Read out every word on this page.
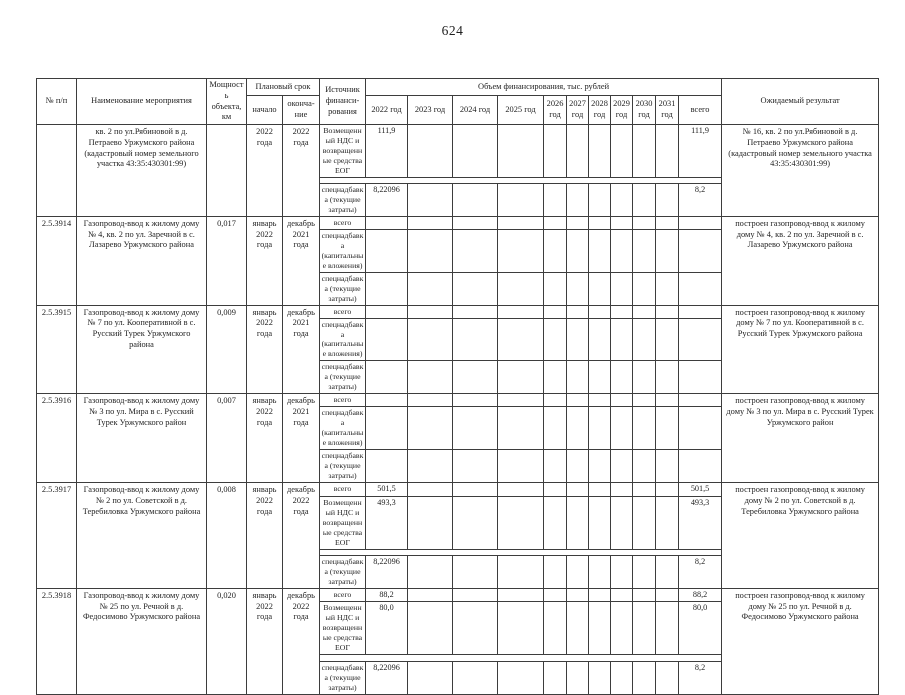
624
№ п/п	Наименование мероприятия	Мощность объекта, км	Плановый срок		Источник финанси-рования	Объем финансирования, тыс. рублей											Ожидаемый результат
			начало	оконча-ние		2022 год	2023 год	2024 год	2025 год	2026 год	2027 год	2028 год	2029 год	2030 год	2031 год	всего	
	кв. 2 по ул.Рябиновой в д. Петраево Уржумского района (кадастровый номер земельного участка 43:35:430301:99)		2022 года	2022 года	Возмещенный НДС и возвращенные средства ЕОГ	111,9										111,9	№ 16, кв. 2 по ул.Рябиновой в д. Петраево Уржумского района (кадастровый номер земельного участка 43:35:430301:99)

					спецнадбавка (текущие затраты)	8,22096										8,2	
2.5.3914	Газопровод-ввод к жилому дому № 4, кв. 2 по ул. Заречной в с. Лазарево Уржумского района	0,017	январь 2022 года	декабрь 2021 года	всего												построен газопровод-ввод к жилому дому № 4, кв. 2 по ул. Заречной в с. Лазарево Уржумского района
					спецнадбавка (капитальные вложения)												
					спецнадбавка (текущие затраты)												
2.5.3915	Газопровод-ввод к жилому дому № 7 по ул. Кооперативной в с. Русский Турек Уржумского района	0,009	январь 2022 года	декабрь 2021 года	всего												построен газопровод-ввод к жилому дому № 7 по ул. Кооперативной в с. Русский Турек Уржумского района
					спецнадбавка (капитальные вложения)												
					спецнадбавка (текущие затраты)												
2.5.3916	Газопровод-ввод к жилому дому № 3 по ул. Мира в с. Русский Турек Уржумского район	0,007	январь 2022 года	декабрь 2021 года	всего												построен газопровод-ввод к жилому дому № 3 по ул. Мира в с. Русский Турек Уржумского район
					спецнадбавка (капитальные вложения)												
					спецнадбавка (текущие затраты)												
2.5.3917	Газопровод-ввод к жилому дому № 2 по ул. Советской в д. Теребиловка Уржумского района	0,008	январь 2022 года	декабрь 2022 года	всего	501,5										501,5	построен газопровод-ввод к жилому дому № 2 по ул. Советской в д. Теребиловка Уржумского района
					Возмещенный НДС и возвращенные средства ЕОГ	493,3										493,3	

					спецнадбавка (текущие затраты)	8,22096										8,2	
2.5.3918	Газопровод-ввод к жилому дому № 25 по ул. Речной в д. Федосимово Уржумского района	0,020	январь 2022 года	декабрь 2022 года	всего	88,2										88,2	построен газопровод-ввод к жилому дому № 25 по ул. Речной в д. Федосимово Уржумского района
					Возмещенный НДС и возвращенные средства ЕОГ	80,0										80,0	

					спецнадбавка (текущие затраты)	8,22096										8,2	
